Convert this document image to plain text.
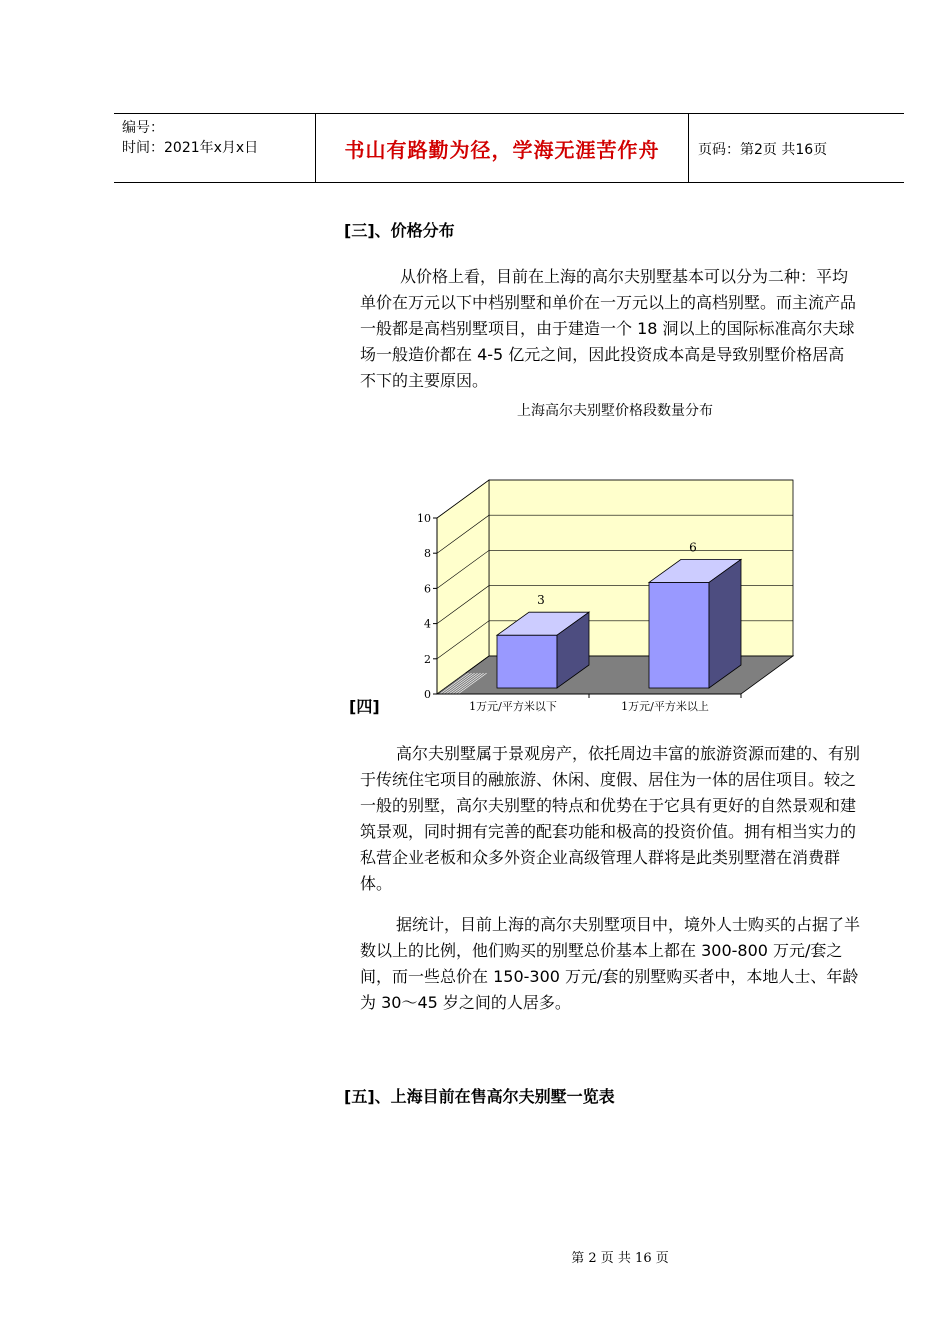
编号：
时间：2021年x月x日	书山有路勤为径，学海无涯苦作舟	页码：第2页 共16页
[三]、价格分布

从价格上看，目前在上海的高尔夫别墅基本可以分为二种：平均单价在万元以下中档别墅和单价在一万元以上的高档别墅。而主流产品一般都是高档别墅项目，由于建造一个 18 洞以上的国际标准高尔夫球场一般造价都在 4-5 亿元之间，因此投资成本高是导致别墅价格居高不下的主要原因。

上海高尔夫别墅价格段数量分布
0
2
4
6
8
10
3
6
1万元/平方米以下	1万元/平方米以上
[四]

高尔夫别墅属于景观房产，依托周边丰富的旅游资源而建的、有别于传统住宅项目的融旅游、休闲、度假、居住为一体的居住项目。较之一般的别墅，高尔夫别墅的特点和优势在于它具有更好的自然景观和建筑景观，同时拥有完善的配套功能和极高的投资价值。拥有相当实力的私营企业老板和众多外资企业高级管理人群将是此类别墅潜在消费群体。

据统计，目前上海的高尔夫别墅项目中，境外人士购买的占据了半数以上的比例，他们购买的别墅总价基本上都在 300-800 万元/套之间，而一些总价在 150-300 万元/套的别墅购买者中，本地人士、年龄为 30～45 岁之间的人居多。

[五]、上海目前在售高尔夫别墅一览表
第 2 页 共 16 页
